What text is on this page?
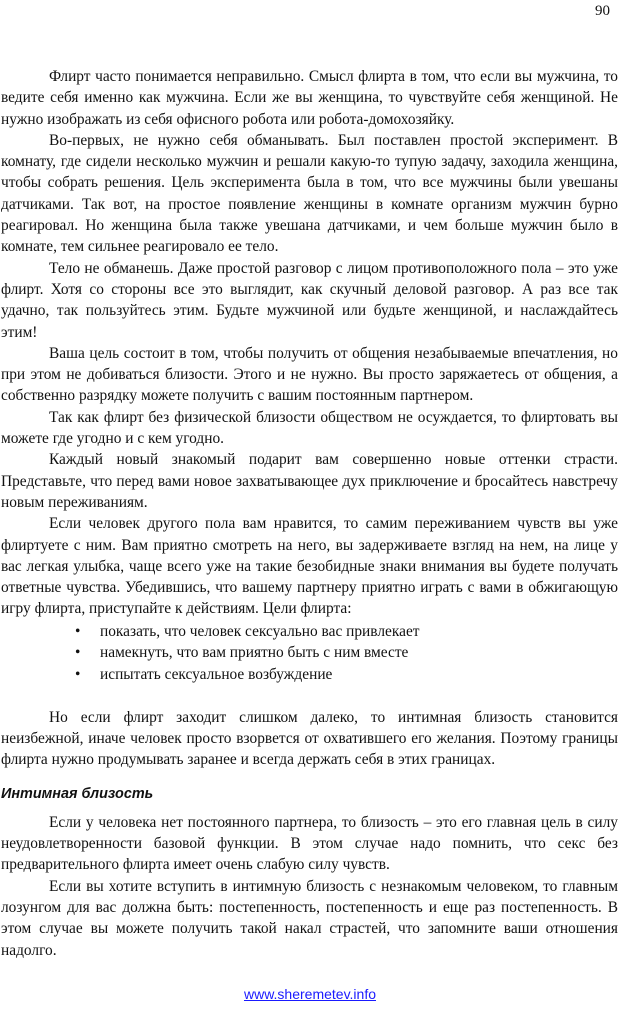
90

Флирт часто понимается неправильно. Смысл флирта в том, что если вы мужчина, то ведите себя именно как мужчина. Если же вы женщина, то чувствуйте себя женщиной. Не нужно изображать из себя офисного робота или робота-домохозяйку.

Во-первых, не нужно себя обманывать. Был поставлен простой эксперимент. В комнату, где сидели несколько мужчин и решали какую-то тупую задачу, заходила женщина, чтобы собрать решения. Цель эксперимента была в том, что все мужчины были увешаны датчиками. Так вот, на простое появление женщины в комнате организм мужчин бурно реагировал. Но женщина была также увешана датчиками, и чем больше мужчин было в комнате, тем сильнее реагировало ее тело.

Тело не обманешь. Даже простой разговор с лицом противоположного пола – это уже флирт. Хотя со стороны все это выглядит, как скучный деловой разговор. А раз все так удачно, так пользуйтесь этим. Будьте мужчиной или будьте женщиной, и наслаждайтесь этим!

Ваша цель состоит в том, чтобы получить от общения незабываемые впечатления, но при этом не добиваться близости. Этого и не нужно. Вы просто заряжаетесь от общения, а собственно разрядку можете получить с вашим постоянным партнером.

Так как флирт без физической близости обществом не осуждается, то флиртовать вы можете где угодно и с кем угодно.

Каждый новый знакомый подарит вам совершенно новые оттенки страсти. Представьте, что перед вами новое захватывающее дух приключение и бросайтесь навстречу новым переживаниям.

Если человек другого пола вам нравится, то самим переживанием чувств вы уже флиртуете с ним. Вам приятно смотреть на него, вы задерживаете взгляд на нем, на лице у вас легкая улыбка, чаще всего уже на такие безобидные знаки внимания вы будете получать ответные чувства. Убедившись, что вашему партнеру приятно играть с вами в обжигающую игру флирта, приступайте к действиям. Цели флирта:

• показать, что человек сексуально вас привлекает
• намекнуть, что вам приятно быть с ним вместе
• испытать сексуальное возбуждение

Но если флирт заходит слишком далеко, то интимная близость становится неизбежной, иначе человек просто взорвется от охватившего его желания. Поэтому границы флирта нужно продумывать заранее и всегда держать себя в этих границах.

Интимная близость

Если у человека нет постоянного партнера, то близость – это его главная цель в силу неудовлетворенности базовой функции. В этом случае надо помнить, что секс без предварительного флирта имеет очень слабую силу чувств.

Если вы хотите вступить в интимную близость с незнакомым человеком, то главным лозунгом для вас должна быть: постепенность, постепенность и еще раз постепенность. В этом случае вы можете получить такой накал страстей, что запомните ваши отношения надолго.

www.sheremetev.info
